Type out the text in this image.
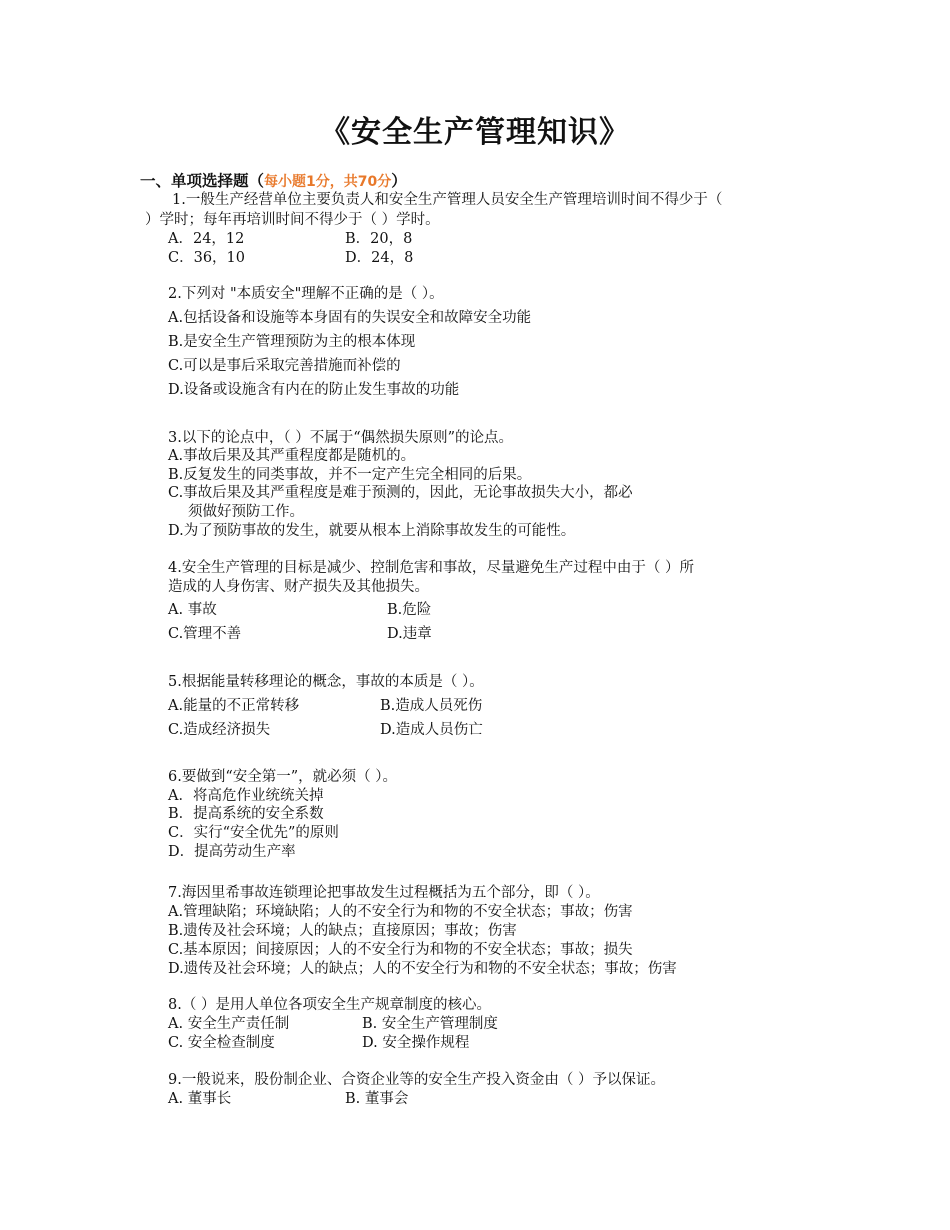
《安全生产管理知识》
一、单项选择题（每小题1分，共70分）
1.一般生产经营单位主要负责人和安全生产管理人员安全生产管理培训时间不得少于（
）学时；每年再培训时间不得少于（ ）学时。
A．24，12	B．20，8
C．36，10	D．24，8
2.下列对 "本质安全"理解不正确的是（ ）。
A.包括设备和设施等本身固有的失误安全和故障安全功能
B.是安全生产管理预防为主的根本体现
C.可以是事后采取完善措施而补偿的
D.设备或设施含有内在的防止发生事故的功能
3.以下的论点中，（ ）不属于“偶然损失原则”的论点。
A.事故后果及其严重程度都是随机的。
B.反复发生的同类事故，并不一定产生完全相同的后果。
C.事故后果及其严重程度是难于预测的，因此，无论事故损失大小，都必
须做好预防工作。
D.为了预防事故的发生，就要从根本上消除事故发生的可能性。
4.安全生产管理的目标是减少、控制危害和事故，尽量避免生产过程中由于（ ）所
造成的人身伤害、财产损失及其他损失。
A. 事故	B.危险
C.管理不善	D.违章
5.根据能量转移理论的概念，事故的本质是（ ）。
A.能量的不正常转移	B.造成人员死伤
C.造成经济损失	D.造成人员伤亡
6.要做到“安全第一”，就必须（ ）。
A．将高危作业统统关掉
B．提高系统的安全系数
C．实行“安全优先”的原则
D．提高劳动生产率
7.海因里希事故连锁理论把事故发生过程概括为五个部分，即（ ）。
A.管理缺陷；环境缺陷；人的不安全行为和物的不安全状态；事故；伤害
B.遗传及社会环境；人的缺点；直接原因；事故；伤害
C.基本原因；间接原因；人的不安全行为和物的不安全状态；事故；损失
D.遗传及社会环境；人的缺点；人的不安全行为和物的不安全状态；事故；伤害
8.（ ）是用人单位各项安全生产规章制度的核心。
A. 安全生产责任制	B. 安全生产管理制度
C. 安全检查制度	D. 安全操作规程
9.一般说来，股份制企业、合资企业等的安全生产投入资金由（ ）予以保证。
A. 董事长	B. 董事会
